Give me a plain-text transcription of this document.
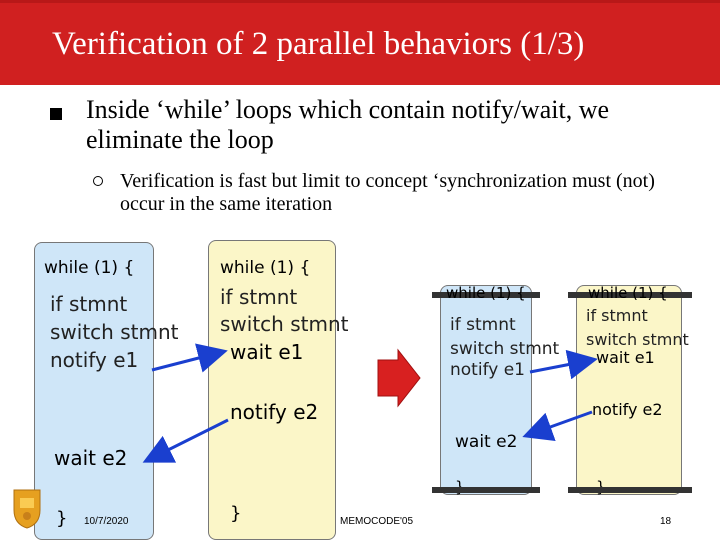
Verification of 2 parallel behaviors (1/3)
Inside ‘while’ loops which contain notify/wait, we eliminate the loop
Verification is fast but limit to concept ‘synchronization must (not) occur in the same iteration
while (1) {
if stmnt
switch stmnt
notify e1
wait e2
}
while (1) {
if stmnt
switch stmnt
wait e1
notify e2
}
while (1) {
if stmnt
switch stmnt
notify e1
wait e2
while (1) {
if stmnt
switch stmnt
wait e1
notify e2
10/7/2020	MEMOCODE'05	18
